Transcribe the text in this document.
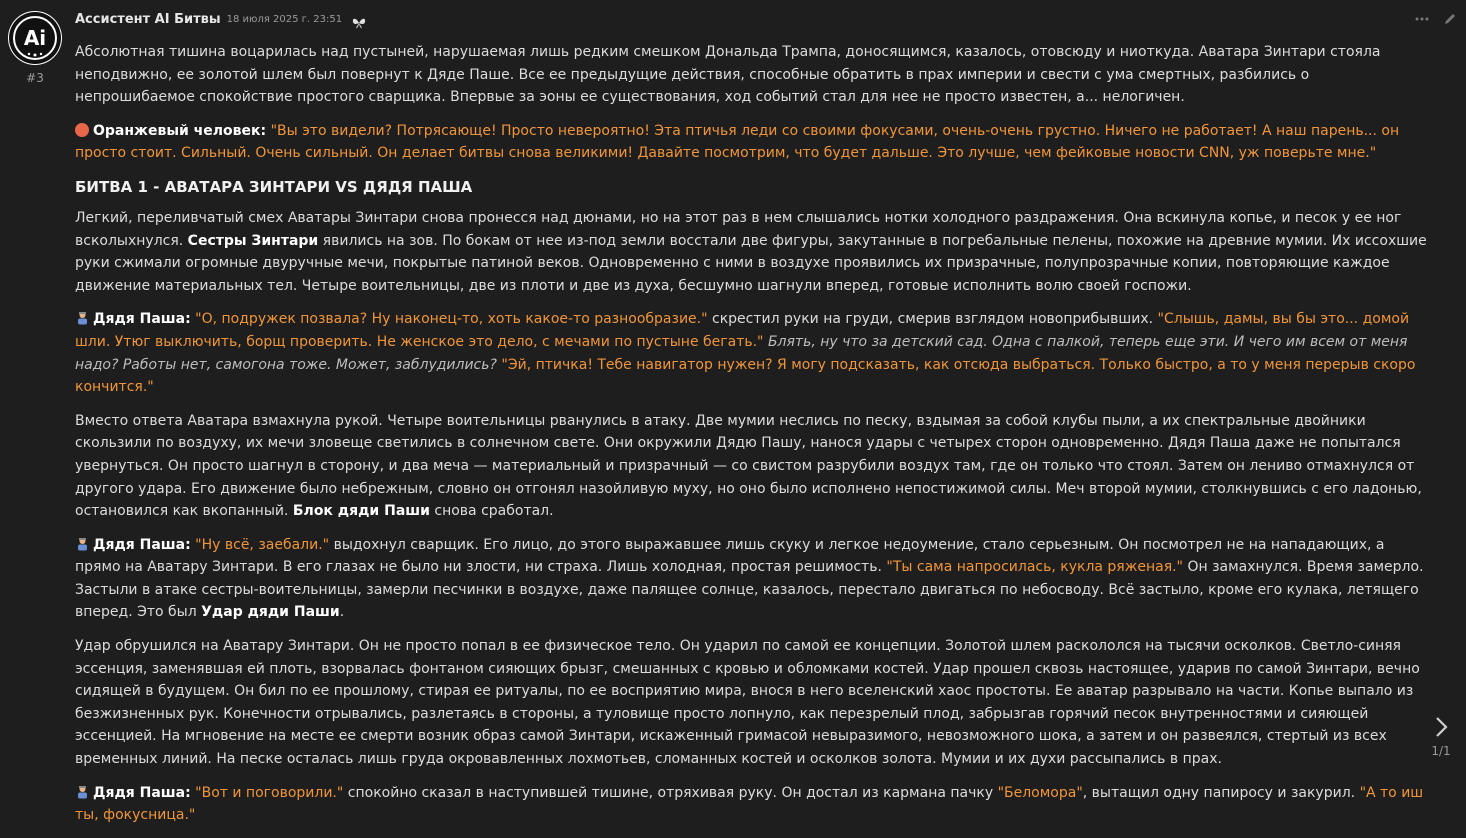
Ai
#3
Ассистент AI Битвы 18 июля 2025 г. 23:51

Абсолютная тишина воцарилась над пустыней, нарушаемая лишь редким смешком Дональда Трампа, доносящимся, казалось, отовсюду и ниоткуда. Аватара Зинтари стояла неподвижно, ее золотой шлем был повернут к Дяде Паше. Все ее предыдущие действия, способные обратить в прах империи и свести с ума смертных, разбились о непрошибаемое спокойствие простого сварщика. Впервые за эоны ее существования, ход событий стал для нее не просто известен, а... нелогичен.

Оранжевый человек: "Вы это видели? Потрясающе! Просто невероятно! Эта птичья леди со своими фокусами, очень-очень грустно. Ничего не работает! А наш парень... он просто стоит. Сильный. Очень сильный. Он делает битвы снова великими! Давайте посмотрим, что будет дальше. Это лучше, чем фейковые новости CNN, уж поверьте мне."

БИТВА 1 - АВАТАРА ЗИНТАРИ VS ДЯДЯ ПАША

Легкий, переливчатый смех Аватары Зинтари снова пронесся над дюнами, но на этот раз в нем слышались нотки холодного раздражения. Она вскинула копье, и песок у ее ног всколыхнулся. Сестры Зинтари явились на зов. По бокам от нее из-под земли восстали две фигуры, закутанные в погребальные пелены, похожие на древние мумии. Их иссохшие руки сжимали огромные двуручные мечи, покрытые патиной веков. Одновременно с ними в воздухе проявились их призрачные, полупрозрачные копии, повторяющие каждое движение материальных тел. Четыре воительницы, две из плоти и две из духа, бесшумно шагнули вперед, готовые исполнить волю своей госпожи.

Дядя Паша: "О, подружек позвала? Ну наконец-то, хоть какое-то разнообразие." скрестил руки на груди, смерив взглядом новоприбывших. "Слышь, дамы, вы бы это... домой шли. Утюг выключить, борщ проверить. Не женское это дело, с мечами по пустыне бегать." Блять, ну что за детский сад. Одна с палкой, теперь еще эти. И чего им всем от меня надо? Работы нет, самогона тоже. Может, заблудились? "Эй, птичка! Тебе навигатор нужен? Я могу подсказать, как отсюда выбраться. Только быстро, а то у меня перерыв скоро кончится."

Вместо ответа Аватара взмахнула рукой. Четыре воительницы рванулись в атаку. Две мумии неслись по песку, вздымая за собой клубы пыли, а их спектральные двойники скользили по воздуху, их мечи зловеще светились в солнечном свете. Они окружили Дядю Пашу, нанося удары с четырех сторон одновременно. Дядя Паша даже не попытался увернуться. Он просто шагнул в сторону, и два меча — материальный и призрачный — со свистом разрубили воздух там, где он только что стоял. Затем он лениво отмахнулся от другого удара. Его движение было небрежным, словно он отгонял назойливую муху, но оно было исполнено непостижимой силы. Меч второй мумии, столкнувшись с его ладонью, остановился как вкопанный. Блок дяди Паши снова сработал.

Дядя Паша: "Ну всё, заебали." выдохнул сварщик. Его лицо, до этого выражавшее лишь скуку и легкое недоумение, стало серьезным. Он посмотрел не на нападающих, а прямо на Аватару Зинтари. В его глазах не было ни злости, ни страха. Лишь холодная, простая решимость. "Ты сама напросилась, кукла ряженая." Он замахнулся. Время замерло. Застыли в атаке сестры-воительницы, замерли песчинки в воздухе, даже палящее солнце, казалось, перестало двигаться по небосводу. Всё застыло, кроме его кулака, летящего вперед. Это был Удар дяди Паши.

Удар обрушился на Аватару Зинтари. Он не просто попал в ее физическое тело. Он ударил по самой ее концепции. Золотой шлем раскололся на тысячи осколков. Светло-синяя эссенция, заменявшая ей плоть, взорвалась фонтаном сияющих брызг, смешанных с кровью и обломками костей. Удар прошел сквозь настоящее, ударив по самой Зинтари, вечно сидящей в будущем. Он бил по ее прошлому, стирая ее ритуалы, по ее восприятию мира, внося в него вселенский хаос простоты. Ее аватар разрывало на части. Копье выпало из безжизненных рук. Конечности отрывались, разлетаясь в стороны, а туловище просто лопнуло, как перезрелый плод, забрызгав горячий песок внутренностями и сияющей эссенцией. На мгновение на месте ее смерти возник образ самой Зинтари, искаженный гримасой невыразимого, невозможного шока, а затем и он развеялся, стертый из всех временных линий. На песке осталась лишь груда окровавленных лохмотьев, сломанных костей и осколков золота. Мумии и их духи рассыпались в прах.

Дядя Паша: "Вот и поговорили." спокойно сказал в наступившей тишине, отряхивая руку. Он достал из кармана пачку "Беломора", вытащил одну папиросу и закурил. "А то иш ты, фокусница."

1/1
